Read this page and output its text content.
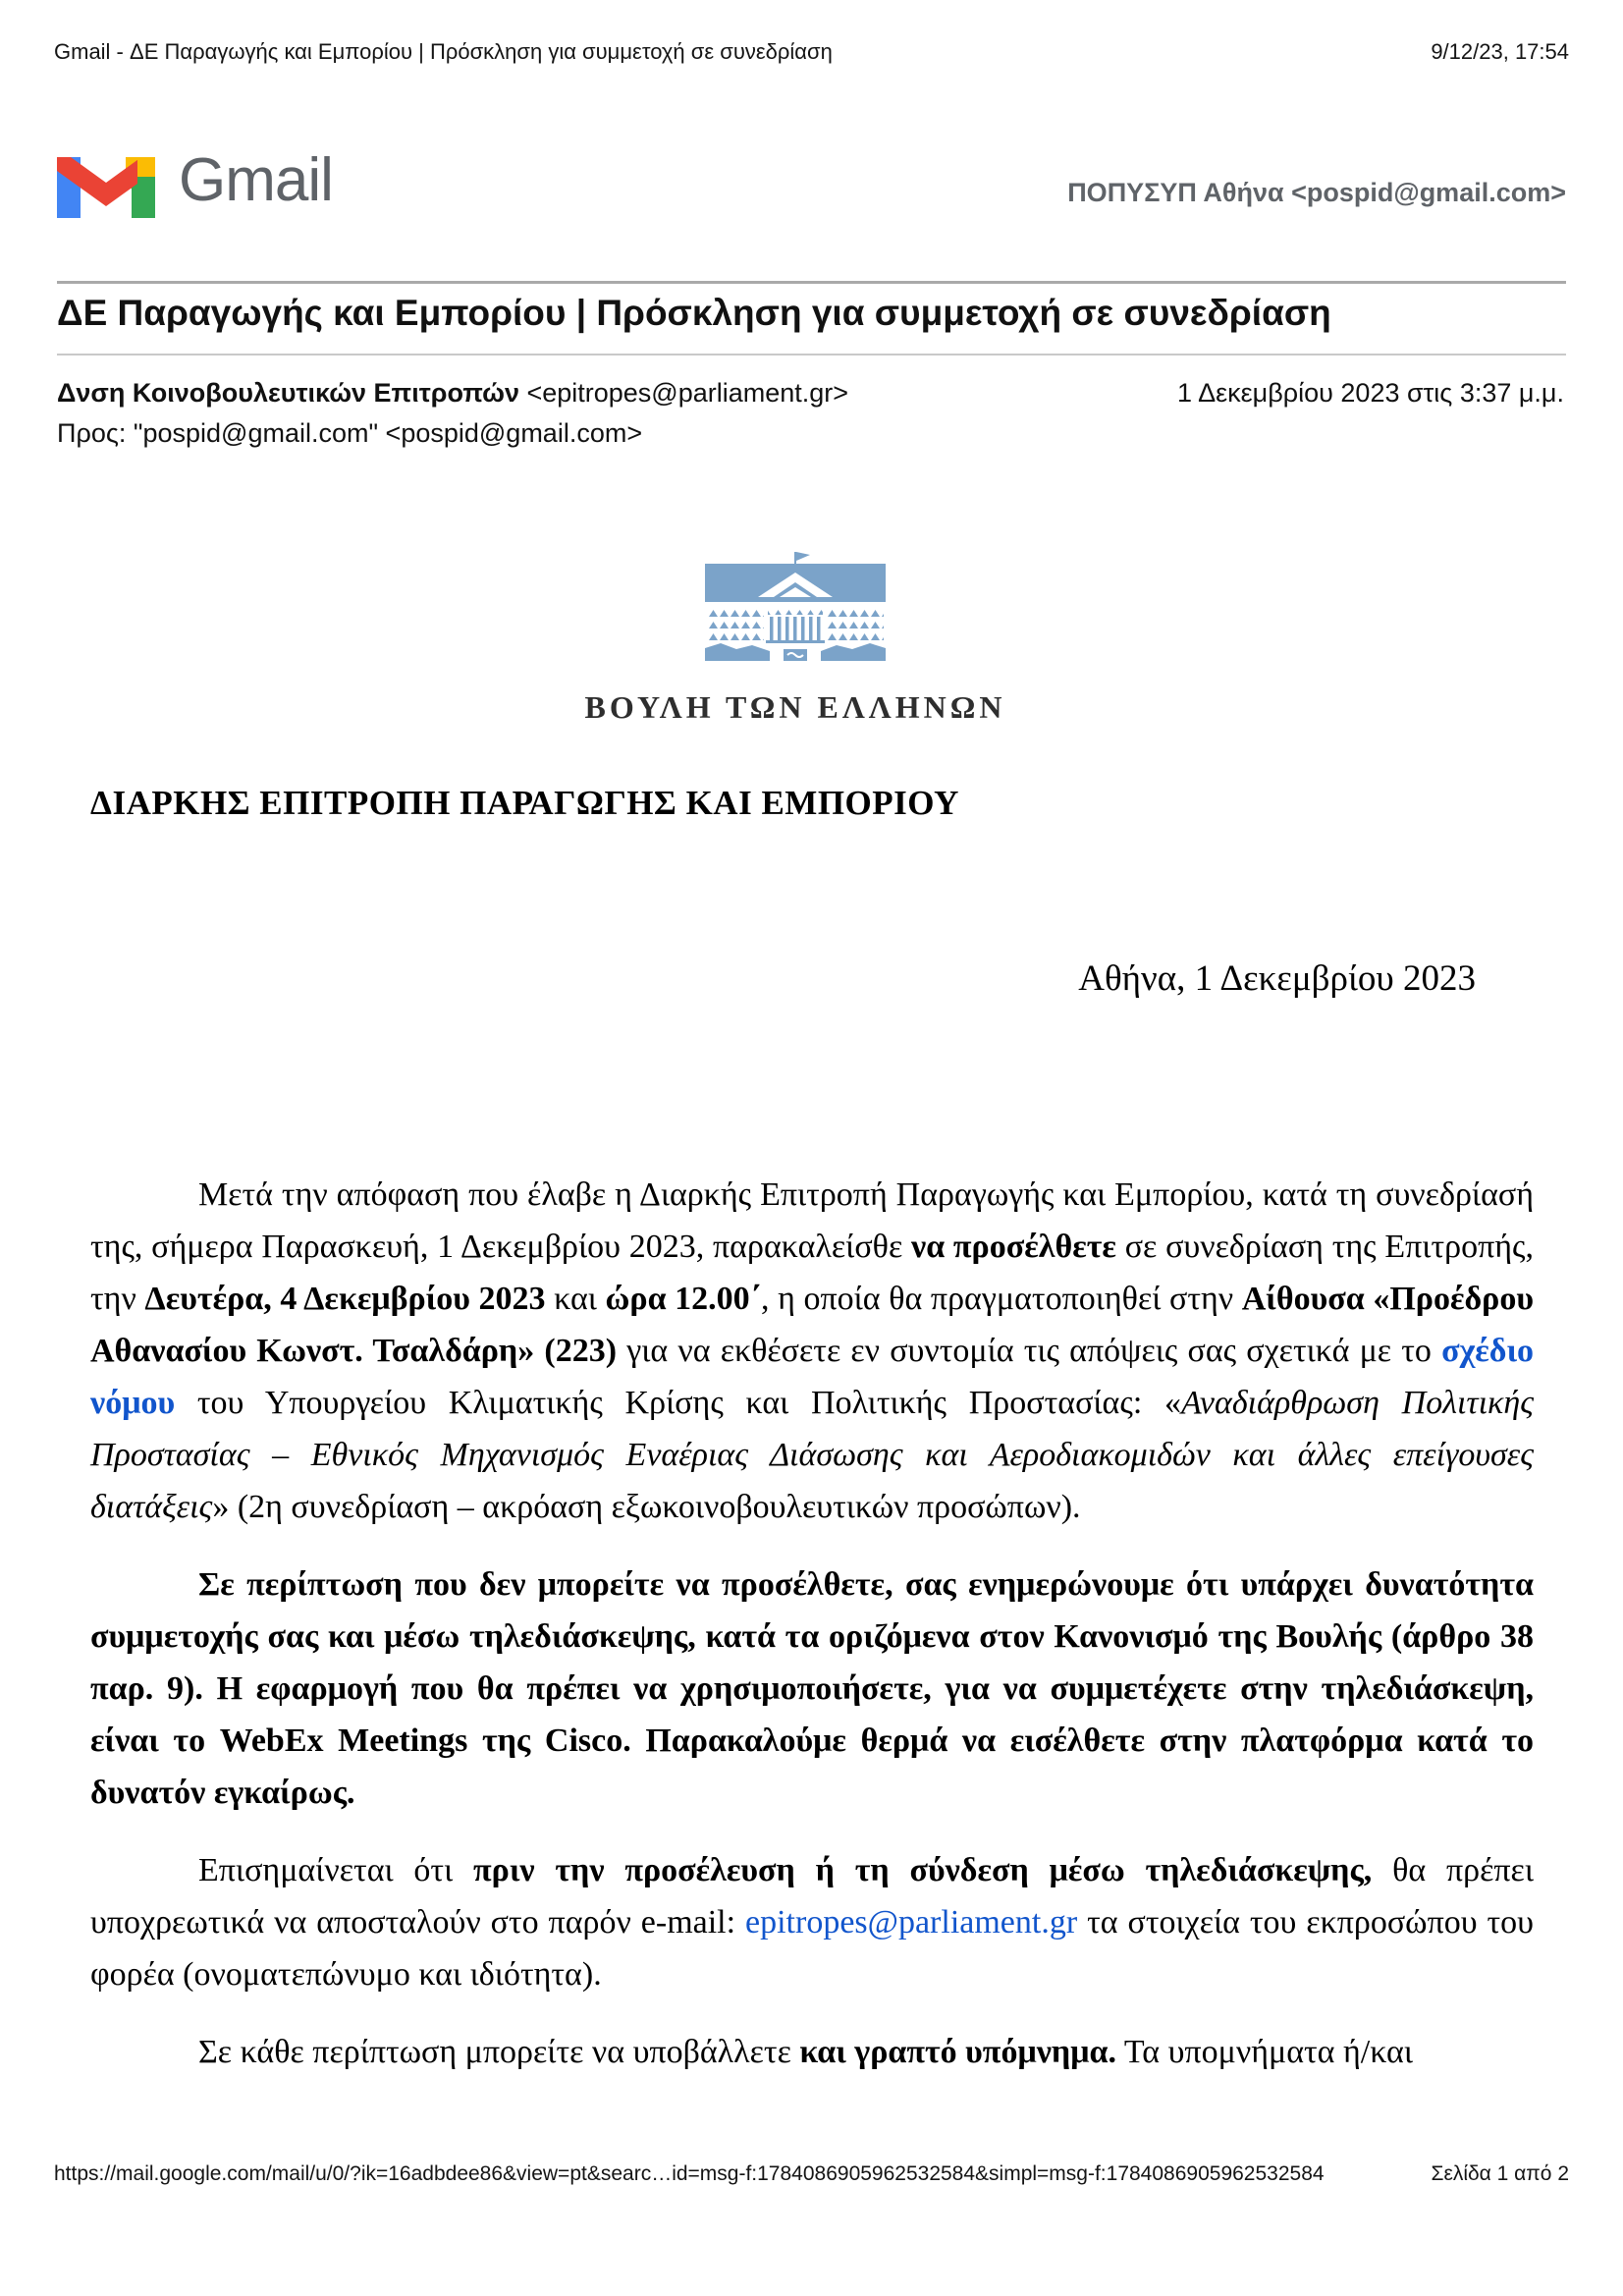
Gmail - ΔΕ Παραγωγής και Εμπορίου | Πρόσκληση για συμμετοχή σε συνεδρίαση	9/12/23, 17:54
Gmail	ΠΟΠΥΣΥΠ Αθήνα <pospid@gmail.com>
ΔΕ Παραγωγής και Εμπορίου | Πρόσκληση για συμμετοχή σε συνεδρίαση
Δνση Κοινοβουλευτικών Επιτροπών <epitropes@parliament.gr>
Προς: "pospid@gmail.com" <pospid@gmail.com>
1 Δεκεμβρίου 2023 στις 3:37 μ.μ.
ΒΟΥΛΗ ΤΩΝ ΕΛΛΗΝΩΝ
ΔΙΑΡΚΗΣ ΕΠΙΤΡΟΠΗ ΠΑΡΑΓΩΓΗΣ ΚΑΙ ΕΜΠΟΡΙΟΥ
Αθήνα, 1 Δεκεμβρίου 2023

Μετά την απόφαση που έλαβε η Διαρκής Επιτροπή Παραγωγής και Εμπορίου, κατά τη συνεδρίασή της, σήμερα Παρασκευή, 1 Δεκεμβρίου 2023, παρακαλείσθε να προσέλθετε σε συνεδρίαση της Επιτροπής, την Δευτέρα, 4 Δεκεμβρίου 2023 και ώρα 12.00΄, η οποία θα πραγματοποιηθεί στην Αίθουσα «Προέδρου Αθανασίου Κωνστ. Τσαλδάρη» (223) για να εκθέσετε εν συντομία τις απόψεις σας σχετικά με το σχέδιο νόμου του Υπουργείου Κλιματικής Κρίσης και Πολιτικής Προστασίας: «Αναδιάρθρωση Πολιτικής Προστασίας – Εθνικός Μηχανισμός Εναέριας Διάσωσης και Αεροδιακομιδών και άλλες επείγουσες διατάξεις» (2η συνεδρίαση – ακρόαση εξωκοινοβουλευτικών προσώπων).

Σε περίπτωση που δεν μπορείτε να προσέλθετε, σας ενημερώνουμε ότι υπάρχει δυνατότητα συμμετοχής σας και μέσω τηλεδιάσκεψης, κατά τα οριζόμενα στον Κανονισμό της Βουλής (άρθρο 38 παρ. 9). Η εφαρμογή που θα πρέπει να χρησιμοποιήσετε, για να συμμετέχετε στην τηλεδιάσκεψη, είναι το WebEx Meetings της Cisco. Παρακαλούμε θερμά να εισέλθετε στην πλατφόρμα κατά το δυνατόν εγκαίρως.

Επισημαίνεται ότι πριν την προσέλευση ή τη σύνδεση μέσω τηλεδιάσκεψης, θα πρέπει υποχρεωτικά να αποσταλούν στο παρόν e-mail: epitropes@parliament.gr τα στοιχεία του εκπροσώπου του φορέα (ονοματεπώνυμο και ιδιότητα).

Σε κάθε περίπτωση μπορείτε να υποβάλλετε και γραπτό υπόμνημα. Τα υπομνήματα ή/και

https://mail.google.com/mail/u/0/?ik=16adbdee86&view=pt&searc…id=msg-f:1784086905962532584&simpl=msg-f:1784086905962532584	Σελίδα 1 από 2
